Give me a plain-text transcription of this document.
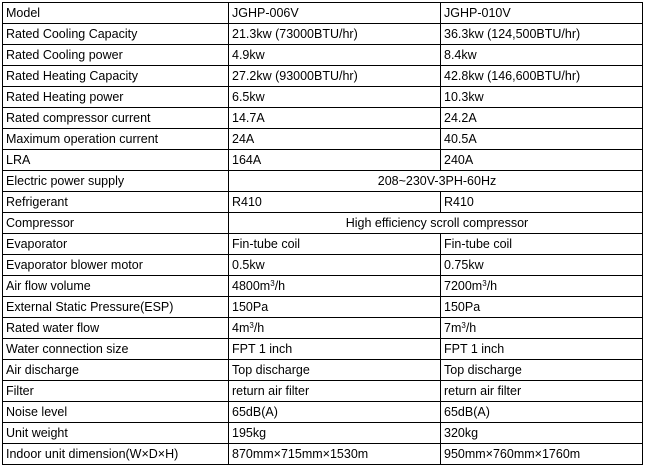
Model	JGHP-006V	JGHP-010V
Rated Cooling Capacity	21.3kw (73000BTU/hr)	36.3kw (124,500BTU/hr)
Rated Cooling power	4.9kw	8.4kw
Rated Heating Capacity	27.2kw (93000BTU/hr)	42.8kw (146,600BTU/hr)
Rated Heating power	6.5kw	10.3kw
Rated compressor current	14.7A	24.2A
Maximum operation current	24A	40.5A
LRA	164A	240A
Electric power supply	208~230V-3PH-60Hz	
Refrigerant	R410	R410
Compressor	High efficiency scroll compressor	
Evaporator	Fin-tube coil	Fin-tube coil
Evaporator blower motor	0.5kw	0.75kw
Air flow volume	$4800m^3/h$	$7200m^3/h$
External Static Pressure(ESP)	150Pa	150Pa
Rated water flow	$4m^3/h$	$7m^3/h$
Water connection size	FPT 1 inch	FPT 1 inch
Air discharge	Top discharge	Top discharge
Filter	return air filter	return air filter
Noise level	65dB(A)	65dB(A)
Unit weight	195kg	320kg
Indoor unit dimension(W×D×H)	870mm×715mm×1530m	950mm×760mm×1760m
